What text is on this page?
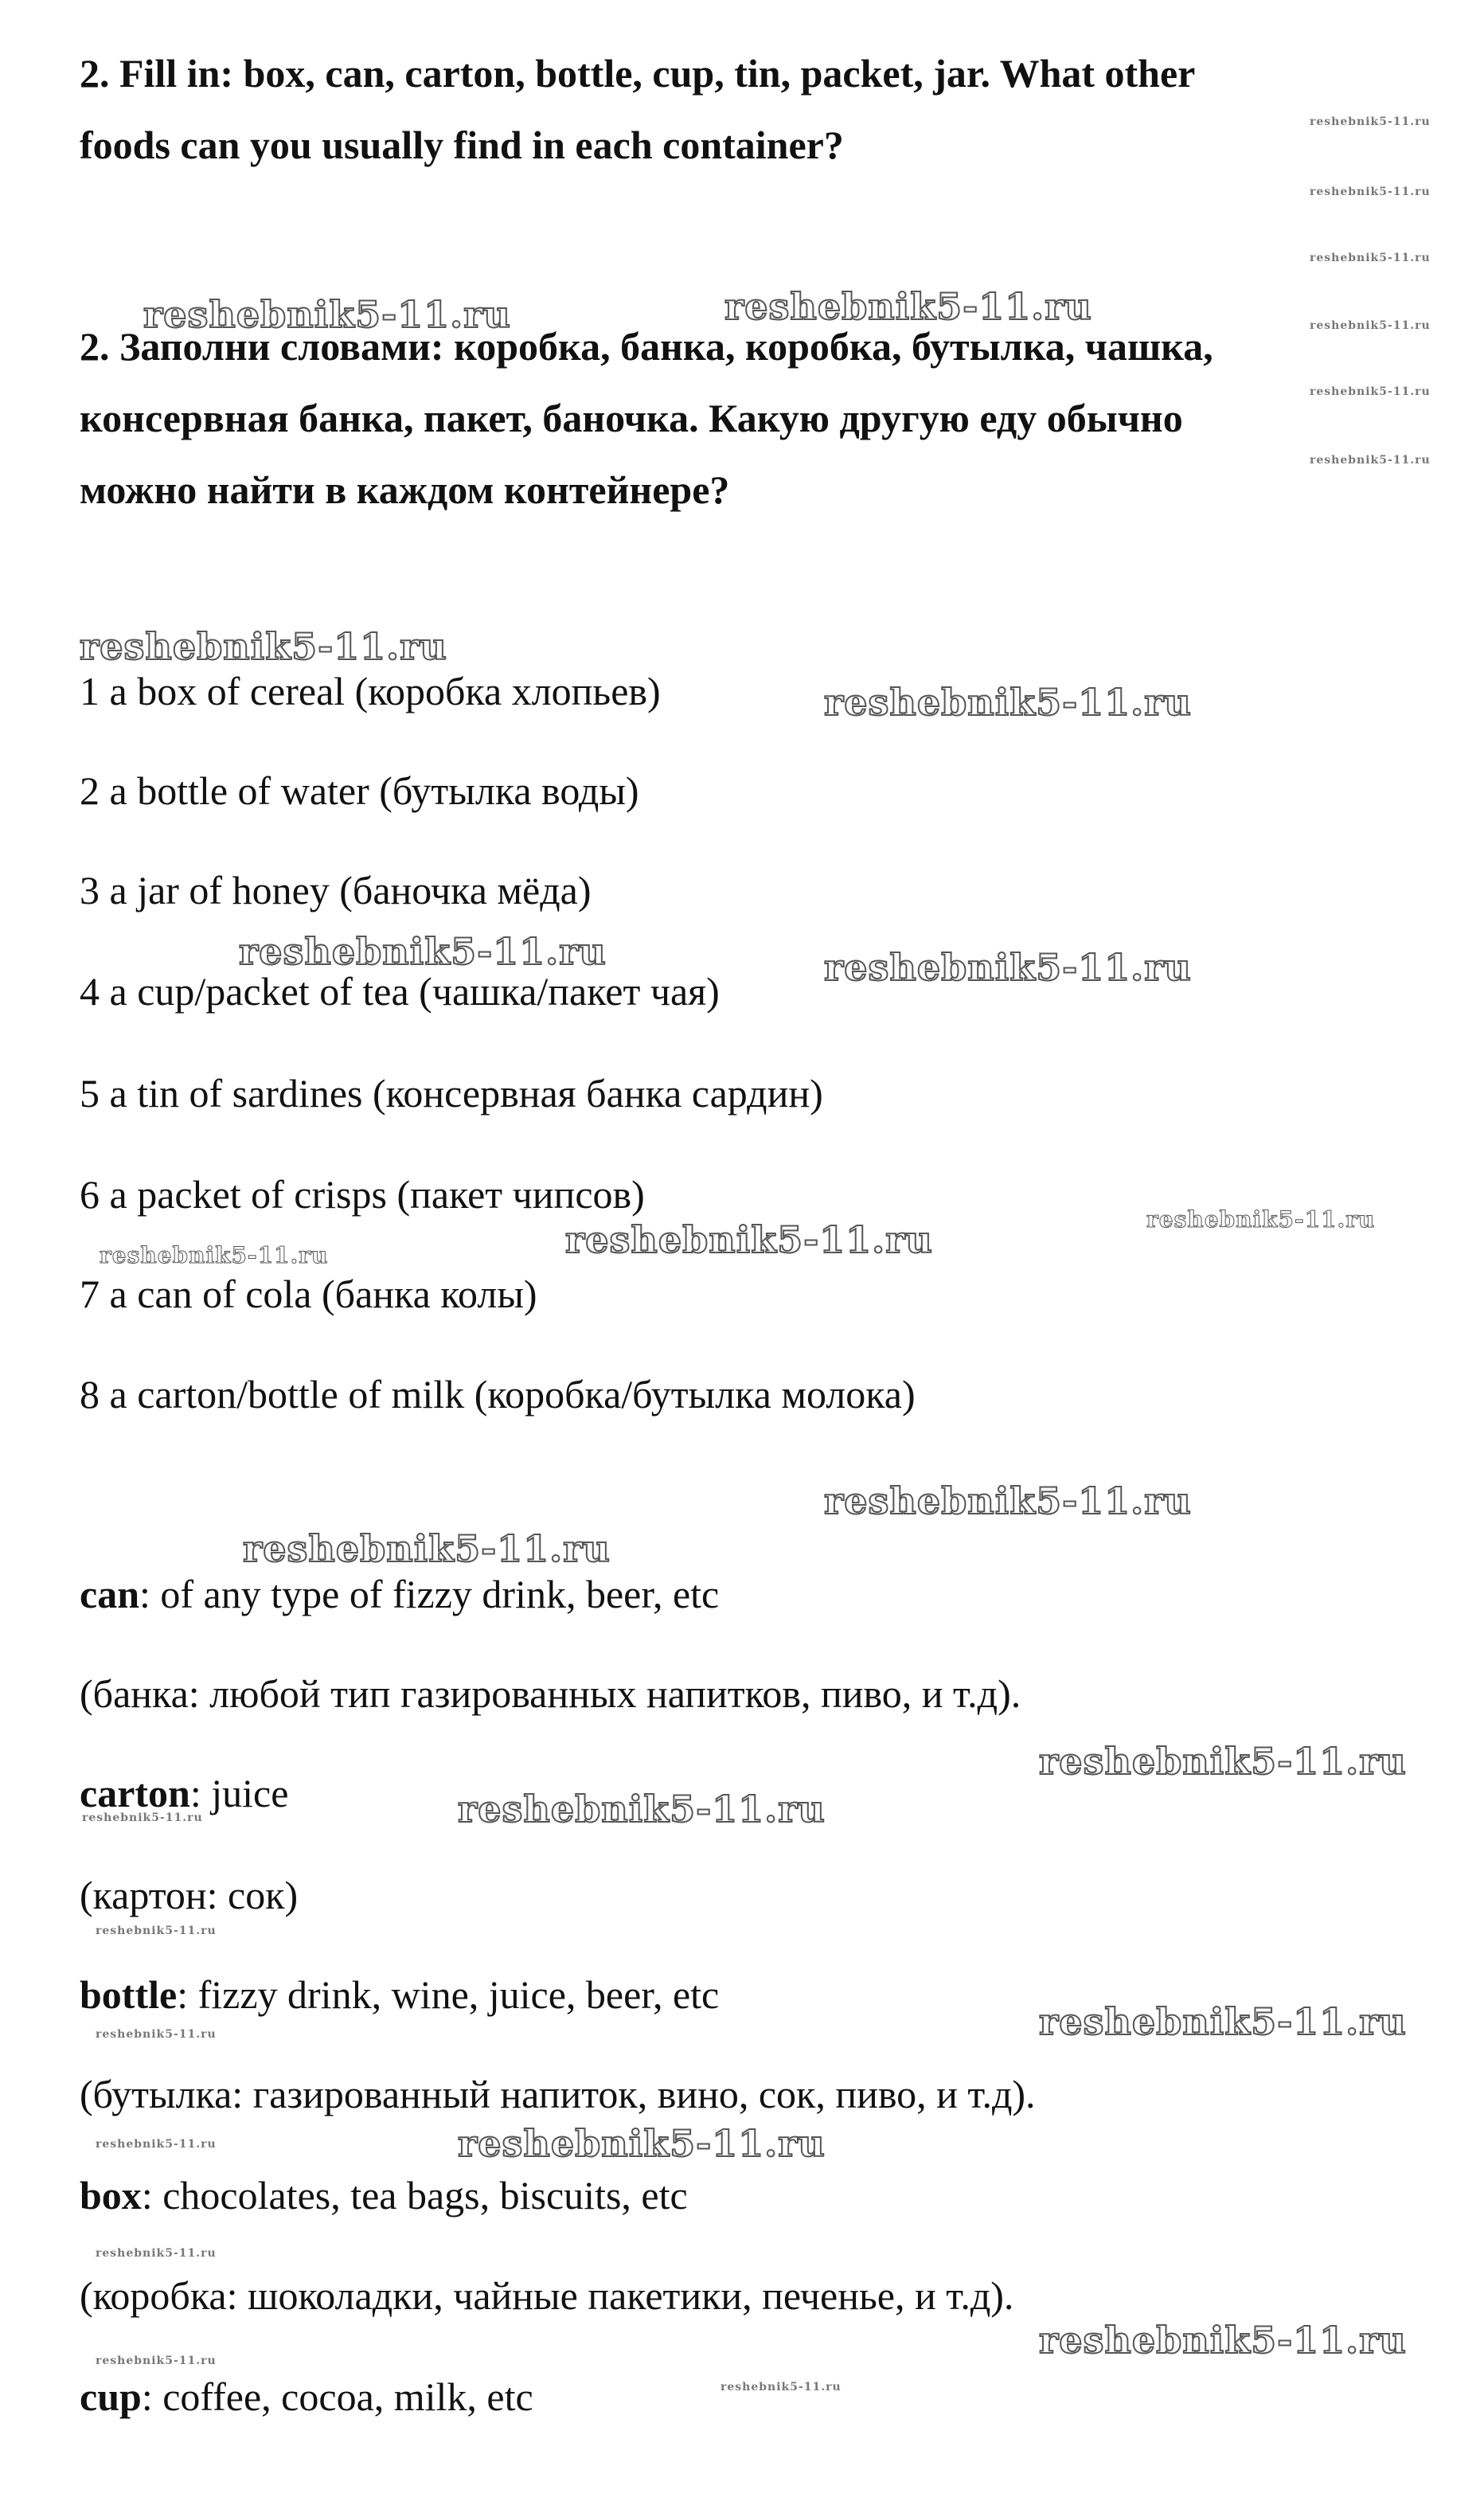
2. Fill in: box, can, carton, bottle, cup, tin, packet, jar. What other

foods can you usually find in each container?

2. Заполни словами: коробка, банка, коробка, бутылка, чашка,

консервная банка, пакет, баночка. Какую другую еду обычно

можно найти в каждом контейнере?

1 a box of cereal (коробка хлопьев)

2 a bottle of water (бутылка воды)

3 a jar of honey (баночка мёда)

4 a cup/packet of tea (чашка/пакет чая)

5 a tin of sardines (консервная банка сардин)

6 a packet of crisps (пакет чипсов)

7 a can of cola (банка колы)

8 a carton/bottle of milk (коробка/бутылка молока)

can: of any type of fizzy drink, beer, etc

(банка: любой тип газированных напитков, пиво, и т.д).

carton: juice

(картон: сок)

bottle: fizzy drink, wine, juice, beer, etc

(бутылка: газированный напиток, вино, сок, пиво, и т.д).

box: chocolates, tea bags, biscuits, etc

(коробка: шоколадки, чайные пакетики, печенье, и т.д).

cup: coffee, cocoa, milk, etc

reshebnik5-11.ru	reshebnik5-11.ru
reshebnik5-11.ru
reshebnik5-11.ru
reshebnik5-11.ru	reshebnik5-11.ru
reshebnik5-11.ru	reshebnik5-11.ru
reshebnik5-11.ru
reshebnik5-11.ru
reshebnik5-11.ru
reshebnik5-11.ru
reshebnik5-11.ru
reshebnik5-11.ru
reshebnik5-11.ru
reshebnik5-11.ru
reshebnik5-11.ru
reshebnik5-11.ru
reshebnik5-11.ru
reshebnik5-11.ru
reshebnik5-11.ru
reshebnik5-11.ru
reshebnik5-11.ru
reshebnik5-11.ru
reshebnik5-11.ru
reshebnik5-11.ru
reshebnik5-11.ru
reshebnik5-11.ru
reshebnik5-11.ru
